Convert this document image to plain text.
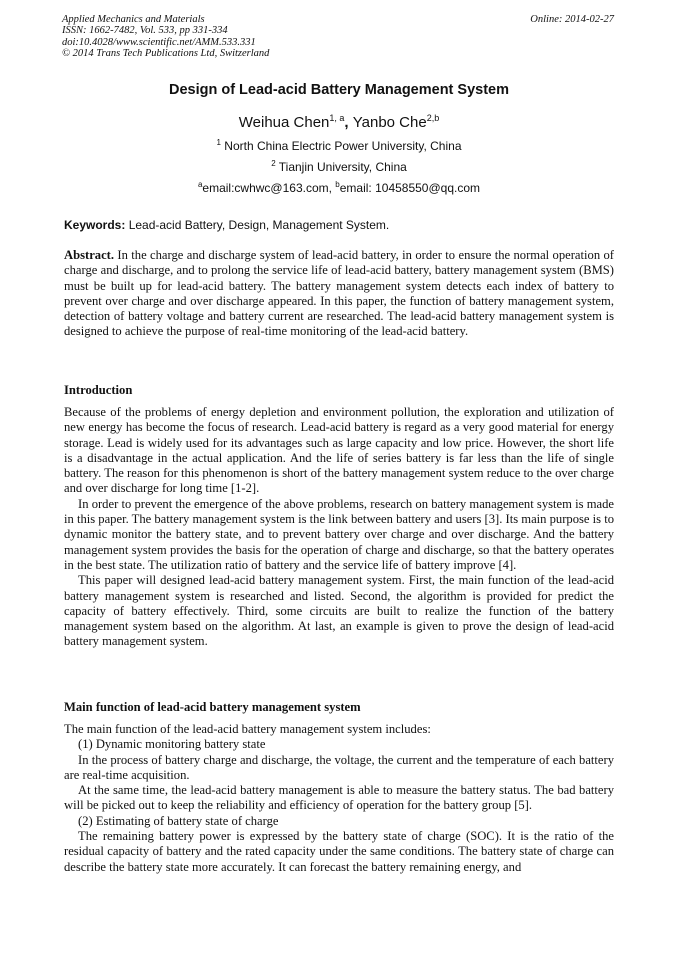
Applied Mechanics and Materials
ISSN: 1662-7482, Vol. 533, pp 331-334
doi:10.4028/www.scientific.net/AMM.533.331
© 2014 Trans Tech Publications Ltd, Switzerland
Online: 2014-02-27
Design of Lead-acid Battery Management System
Weihua Chen$^{1, a}$, Yanbo Che$^{2,b}$
$^1$ North China Electric Power University, China
$^2$ Tianjin University, China
$^a$email:cwhwc@163.com, $^b$email: 10458550@qq.com
Keywords: Lead-acid Battery, Design, Management System.

Abstract. In the charge and discharge system of lead-acid battery, in order to ensure the normal operation of charge and discharge, and to prolong the service life of lead-acid battery, battery management system (BMS) must be built up for lead-acid battery. The battery management system detects each index of battery to prevent over charge and over discharge appeared. In this paper, the function of battery management system, detection of battery voltage and battery current are researched. The lead-acid battery management system is designed to achieve the purpose of real-time monitoring of the lead-acid battery.

Introduction

Because of the problems of energy depletion and environment pollution, the exploration and utilization of new energy has become the focus of research. Lead-acid battery is regard as a very good material for energy storage. Lead is widely used for its advantages such as large capacity and low price. However, the short life is a disadvantage in the actual application. And the life of series battery is far less than the life of single battery. The reason for this phenomenon is short of the battery management system reduce to the over charge and over discharge for long time [1-2].

In order to prevent the emergence of the above problems, research on battery management system is made in this paper. The battery management system is the link between battery and users [3]. Its main purpose is to dynamic monitor the battery state, and to prevent battery over charge and over discharge. And the battery management system provides the basis for the operation of charge and discharge, so that the battery operates in the best state. The utilization ratio of battery and the service life of battery improve [4].

This paper will designed lead-acid battery management system. First, the main function of the lead-acid battery management system is researched and listed. Second, the algorithm is provided for predict the capacity of battery effectively. Third, some circuits are built to realize the function of the battery management system based on the algorithm. At last, an example is given to prove the design of lead-acid battery management system.

Main function of lead-acid battery management system

The main function of the lead-acid battery management system includes:

(1) Dynamic monitoring battery state

In the process of battery charge and discharge, the voltage, the current and the temperature of each battery are real-time acquisition.

At the same time, the lead-acid battery management is able to measure the battery status. The bad battery will be picked out to keep the reliability and efficiency of operation for the battery group [5].

(2) Estimating of battery state of charge

The remaining battery power is expressed by the battery state of charge (SOC). It is the ratio of the residual capacity of battery and the rated capacity under the same conditions. The battery state of charge can describe the battery state more accurately. It can forecast the battery remaining energy, and
